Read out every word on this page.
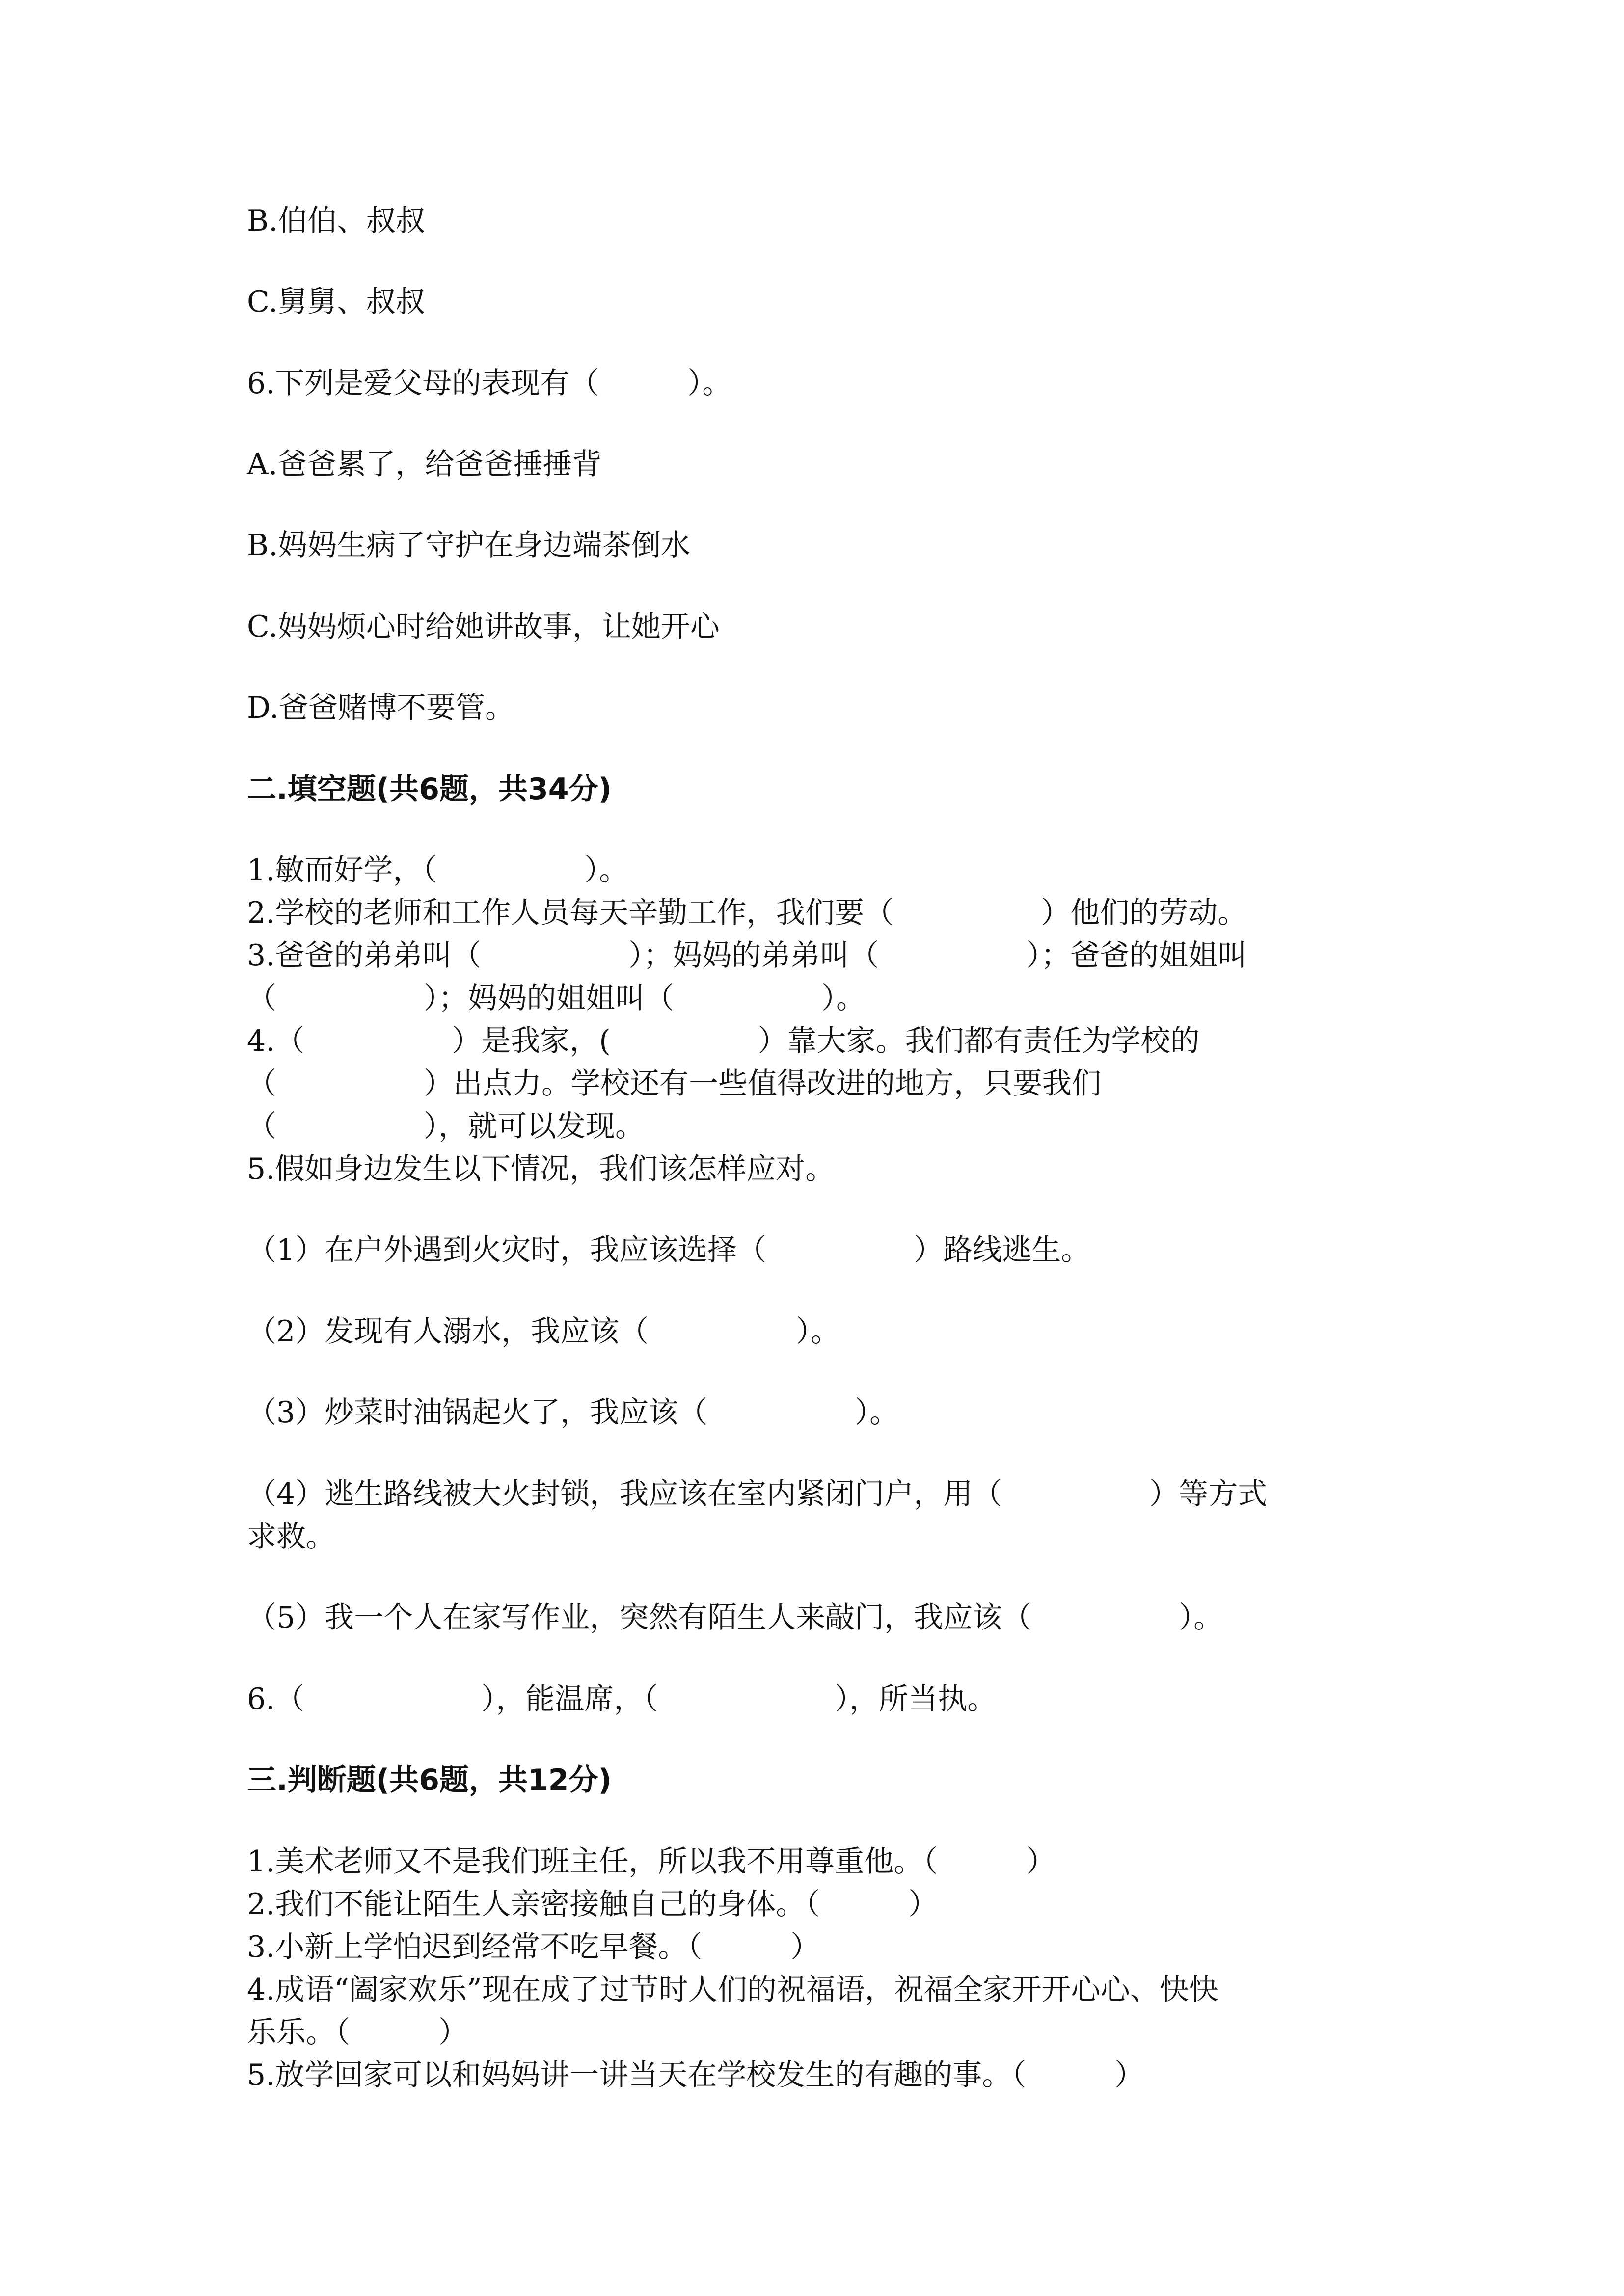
B.伯伯、叔叔

C.舅舅、叔叔

6.下列是爱父母的表现有（　　　）。

A.爸爸累了，给爸爸捶捶背

B.妈妈生病了守护在身边端茶倒水

C.妈妈烦心时给她讲故事，让她开心

D.爸爸赌博不要管。

二.填空题(共6题，共34分)

1.敏而好学，（　　　　　）。

2.学校的老师和工作人员每天辛勤工作，我们要（　　　　　）他们的劳动。

3.爸爸的弟弟叫（　　　　　）；妈妈的弟弟叫（　　　　　）；爸爸的姐姐叫

（　　　　　）；妈妈的姐姐叫（　　　　　）。

4.（　　　　　）是我家，(　　　　　）靠大家。我们都有责任为学校的

（　　　　　）出点力。学校还有一些值得改进的地方，只要我们

（　　　　　），就可以发现。

5.假如身边发生以下情况，我们该怎样应对。

（1）在户外遇到火灾时，我应该选择（　　　　　）路线逃生。

（2）发现有人溺水，我应该（　　　　　）。

（3）炒菜时油锅起火了，我应该（　　　　　）。

（4）逃生路线被大火封锁，我应该在室内紧闭门户，用（　　　　　）等方式

求救。

（5）我一个人在家写作业，突然有陌生人来敲门，我应该（　　　　　）。

6.（　　　　　　），能温席，（　　　　　　），所当执。

三.判断题(共6题，共12分)

1.美术老师又不是我们班主任，所以我不用尊重他。（　　　）

2.我们不能让陌生人亲密接触自己的身体。（　　　）

3.小新上学怕迟到经常不吃早餐。（　　　）

4.成语“阖家欢乐”现在成了过节时人们的祝福语，祝福全家开开心心、快快

乐乐。（　　　）

5.放学回家可以和妈妈讲一讲当天在学校发生的有趣的事。（　　　）
